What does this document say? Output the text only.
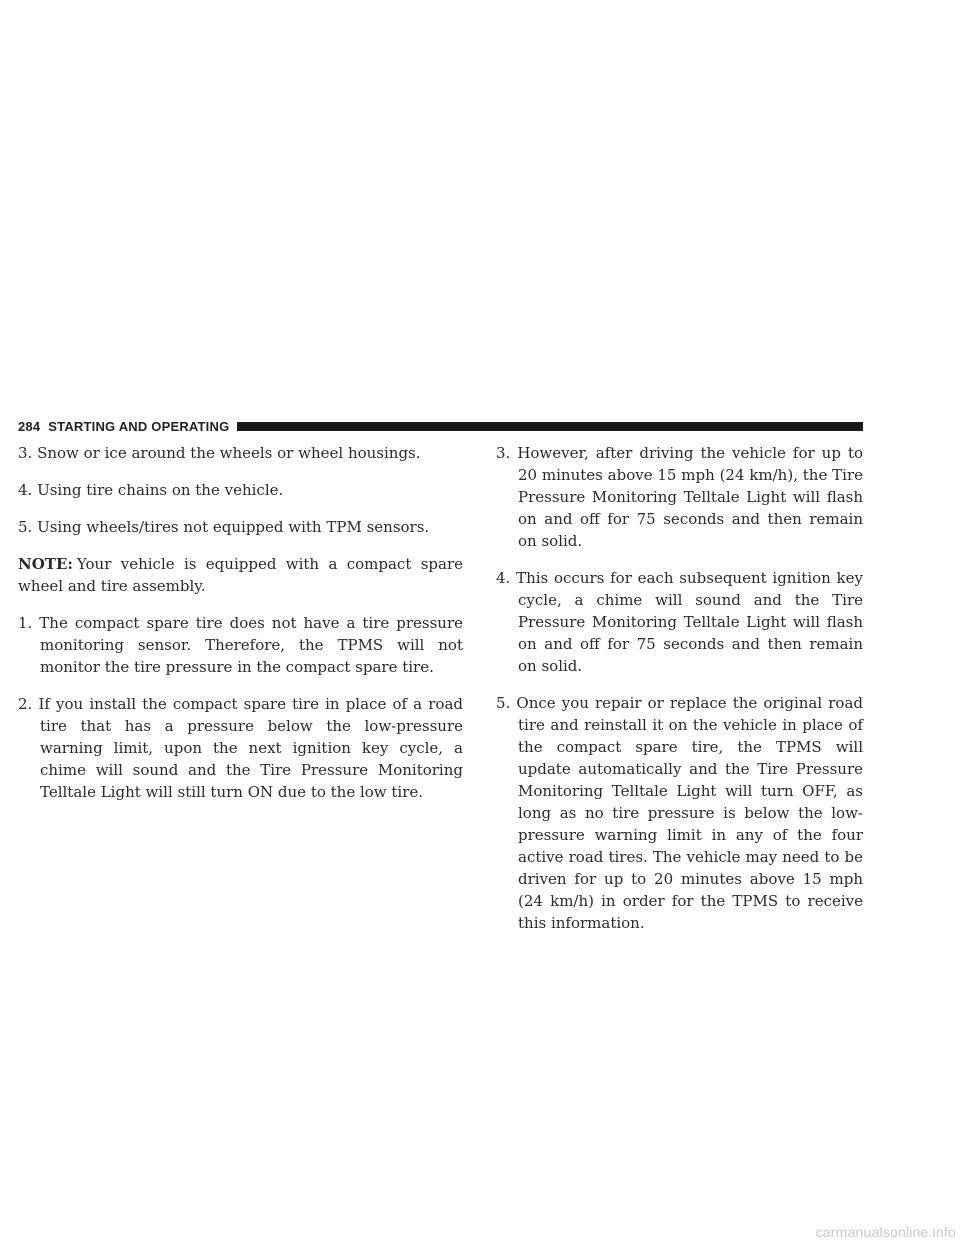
284 STARTING AND OPERATING

3. Snow or ice around the wheels or wheel housings.

4. Using tire chains on the vehicle.

5. Using wheels/tires not equipped with TPM sensors.

NOTE: Your vehicle is equipped with a compact spare wheel and tire assembly.

1. The compact spare tire does not have a tire pressure monitoring sensor. Therefore, the TPMS will not monitor the tire pressure in the compact spare tire.

2. If you install the compact spare tire in place of a road tire that has a pressure below the low-pressure warning limit, upon the next ignition key cycle, a chime will sound and the Tire Pressure Monitoring Telltale Light will still turn ON due to the low tire.

3. However, after driving the vehicle for up to 20 minutes above 15 mph (24 km/h), the Tire Pressure Monitoring Telltale Light will flash on and off for 75 seconds and then remain on solid.

4. This occurs for each subsequent ignition key cycle, a chime will sound and the Tire Pressure Monitoring Telltale Light will flash on and off for 75 seconds and then remain on solid.

5. Once you repair or replace the original road tire and reinstall it on the vehicle in place of the compact spare tire, the TPMS will update automatically and the Tire Pressure Monitoring Telltale Light will turn OFF, as long as no tire pressure is below the low-pressure warning limit in any of the four active road tires. The vehicle may need to be driven for up to 20 minutes above 15 mph (24 km/h) in order for the TPMS to receive this information.

carmanualsonline.info
